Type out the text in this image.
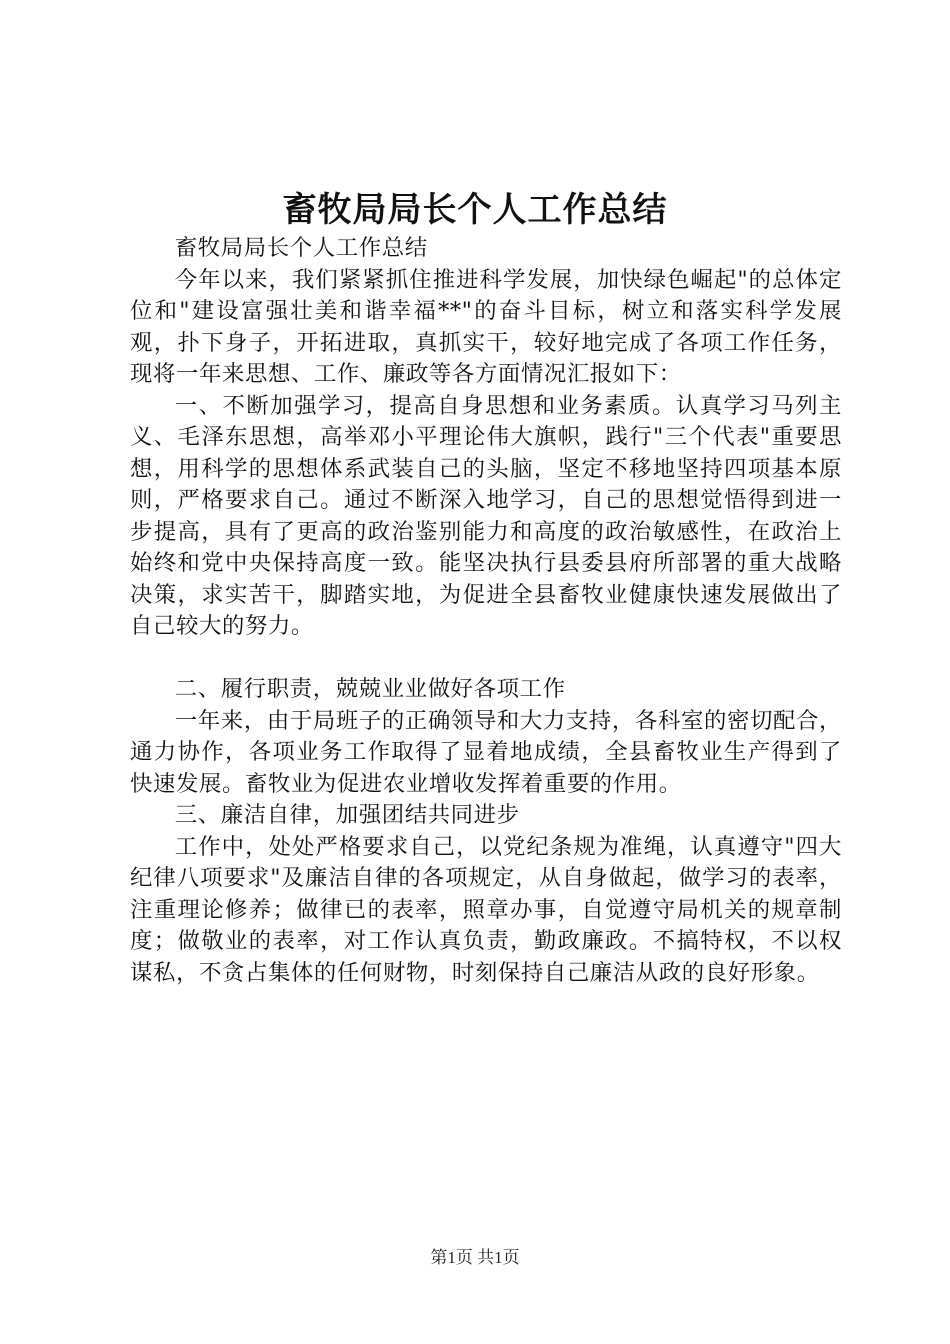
畜牧局局长个人工作总结

畜牧局局长个人工作总结

今年以来，我们紧紧抓住推进科学发展，加快绿色崛起"的总体定位和"建设富强壮美和谐幸福**"的奋斗目标，树立和落实科学发展观，扑下身子，开拓进取，真抓实干，较好地完成了各项工作任务，现将一年来思想、工作、廉政等各方面情况汇报如下：

一、不断加强学习，提高自身思想和业务素质。认真学习马列主义、毛泽东思想，高举邓小平理论伟大旗帜，践行"三个代表"重要思想，用科学的思想体系武装自己的头脑，坚定不移地坚持四项基本原则，严格要求自己。通过不断深入地学习，自己的思想觉悟得到进一步提高，具有了更高的政治鉴别能力和高度的政治敏感性，在政治上始终和党中央保持高度一致。能坚决执行县委县府所部署的重大战略决策，求实苦干，脚踏实地，为促进全县畜牧业健康快速发展做出了自己较大的努力。

二、履行职责，兢兢业业做好各项工作

一年来，由于局班子的正确领导和大力支持，各科室的密切配合，通力协作，各项业务工作取得了显着地成绩，全县畜牧业生产得到了快速发展。畜牧业为促进农业增收发挥着重要的作用。

三、廉洁自律，加强团结共同进步

工作中，处处严格要求自己，以党纪条规为准绳，认真遵守"四大纪律八项要求"及廉洁自律的各项规定，从自身做起，做学习的表率，注重理论修养；做律已的表率，照章办事，自觉遵守局机关的规章制度；做敬业的表率，对工作认真负责，勤政廉政。不搞特权，不以权谋私，不贪占集体的任何财物，时刻保持自己廉洁从政的良好形象。

第1页 共1页
